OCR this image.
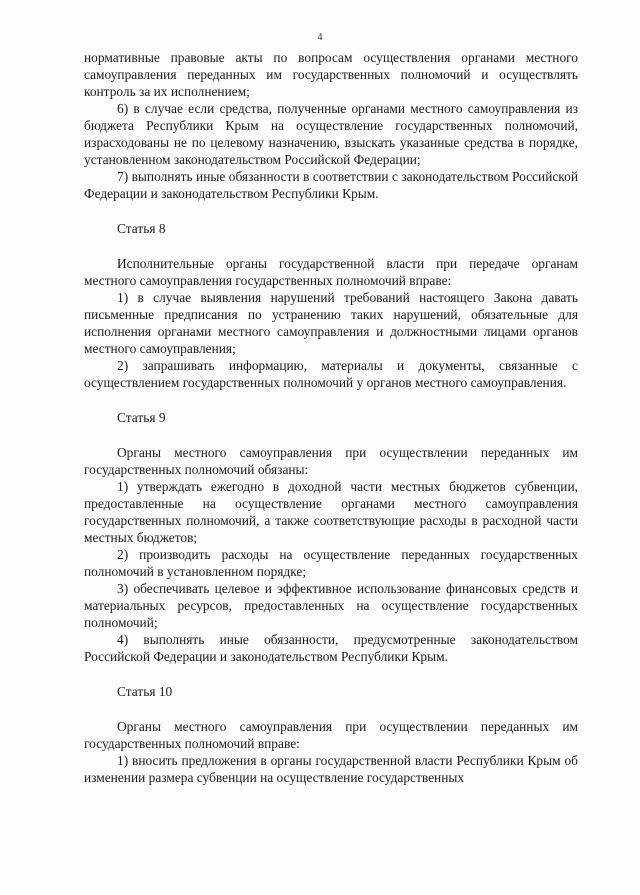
4

нормативные правовые акты по вопросам осуществления органами местного самоуправления переданных им государственных полномочий и осуществлять контроль за их исполнением;

6) в случае если средства, полученные органами местного самоуправления из бюджета Республики Крым на осуществление государственных полномочий, израсходованы не по целевому назначению, взыскать указанные средства в порядке, установленном законодательством Российской Федерации;

7) выполнять иные обязанности в соответствии с законодательством Российской Федерации и законодательством Республики Крым.

Статья 8

Исполнительные органы государственной власти при передаче органам местного самоуправления государственных полномочий вправе:

1) в случае выявления нарушений требований настоящего Закона давать письменные предписания по устранению таких нарушений, обязательные для исполнения органами местного самоуправления и должностными лицами органов местного самоуправления;

2) запрашивать информацию, материалы и документы, связанные с осуществлением государственных полномочий у органов местного самоуправления.

Статья 9

Органы местного самоуправления при осуществлении переданных им государственных полномочий обязаны:

1) утверждать ежегодно в доходной части местных бюджетов субвенции, предоставленные на осуществление органами местного самоуправления государственных полномочий, а также соответствующие расходы в расходной части местных бюджетов;

2) производить расходы на осуществление переданных государственных полномочий в установленном порядке;

3) обеспечивать целевое и эффективное использование финансовых средств и материальных ресурсов, предоставленных на осуществление государственных полномочий;

4) выполнять иные обязанности, предусмотренные законодательством Российской Федерации и законодательством Республики Крым.

Статья 10

Органы местного самоуправления при осуществлении переданных им государственных полномочий вправе:

1) вносить предложения в органы государственной власти Республики Крым об изменении размера субвенции на осуществление государственных
